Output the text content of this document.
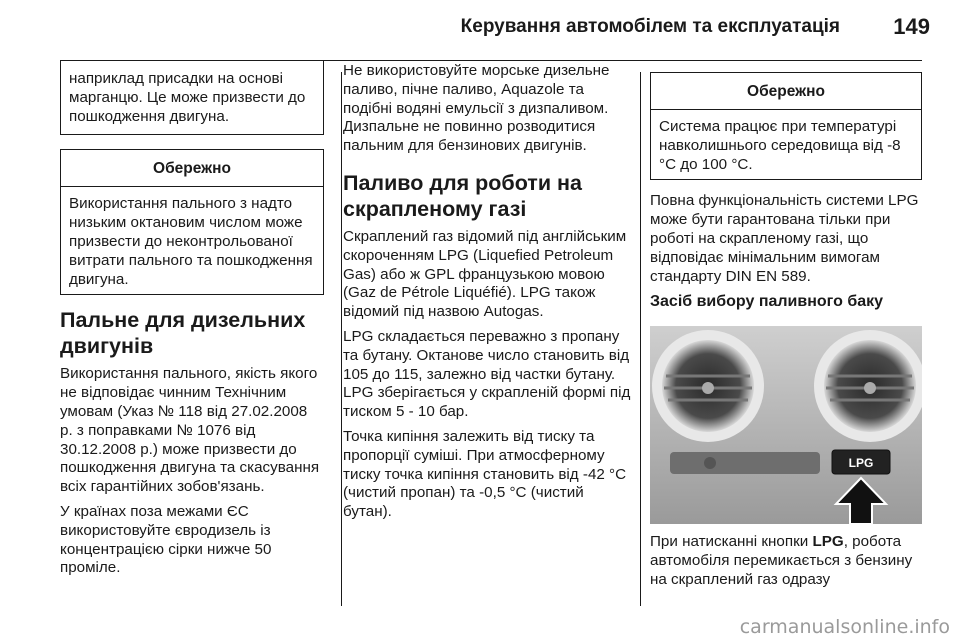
Керування автомобілем та експлуатація	149
наприклад присадки на основі марганцю. Це може призвести до пошкодження двигуна.
Обережно
Використання пального з надто низьким октановим числом може призвести до неконтрольованої витрати пального та пошкодження двигуна.
Пальне для дизельних двигунів

Використання пального, якість якого не відповідає чинним Технічним умовам (Указ № 118 від 27.02.2008 р. з поправками № 1076 від 30.12.2008 р.) може призвести до пошкодження двигуна та скасування всіх гарантійних зобов'язань.

У країнах поза межами ЄС використовуйте євродизель із концентрацією сірки нижче 50 проміле.

Не використовуйте морське дизельне паливо, пічне паливо, Aquazole та подібні водяні емульсії з дизпаливом. Дизпальне не повинно розводитися пальним для бензинових двигунів.

Паливо для роботи на скрапленому газі

Скраплений газ відомий під англійським скороченням LPG (Liquefied Petroleum Gas) або ж GPL французькою мовою (Gaz de Pétrole Liquéfié). LPG також відомий під назвою Autogas.

LPG складається переважно з пропану та бутану. Октанове число становить від 105 до 115, залежно від частки бутану. LPG зберігається у скрапленій формі під тиском 5 - 10 бар.

Точка кипіння залежить від тиску та пропорції суміші. При атмосферному тиску точка кипіння становить від -42 °C (чистий пропан) та -0,5 °C (чистий бутан).

Обережно
Система працює при температурі навколишнього середовища від -8 °C до 100 °C.

Повна функціональність системи LPG може бути гарантована тільки при роботі на скрапленому газі, що відповідає мінімальним вимогам стандарту DIN EN 589.

Засіб вибору паливного баку
LPG

При натисканні кнопки LPG, робота автомобіля перемикається з бензину на скраплений газ одразу

carmanualsonline.info
